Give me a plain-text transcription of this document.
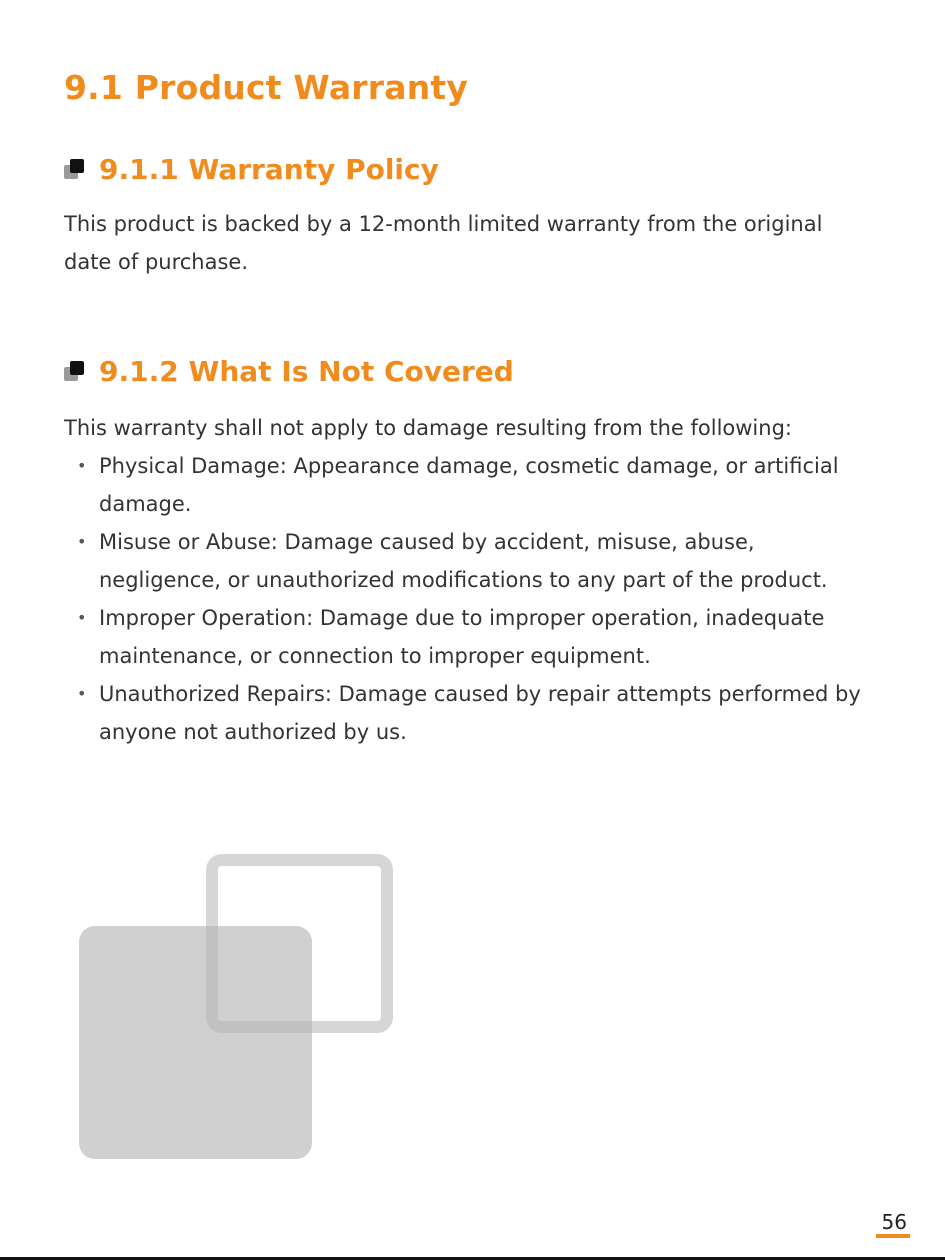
9.1 Product Warranty
9.1.1 Warranty Policy

This product is backed by a 12-month limited warranty from the original date of purchase.

9.1.2 What Is Not Covered

This warranty shall not apply to damage resulting from the following:

• Physical Damage: Appearance damage, cosmetic damage, or artificial damage.
• Misuse or Abuse: Damage caused by accident, misuse, abuse, negligence, or unauthorized modifications to any part of the product.
• Improper Operation: Damage due to improper operation, inadequate maintenance, or connection to improper equipment.
• Unauthorized Repairs: Damage caused by repair attempts performed by anyone not authorized by us.
56
